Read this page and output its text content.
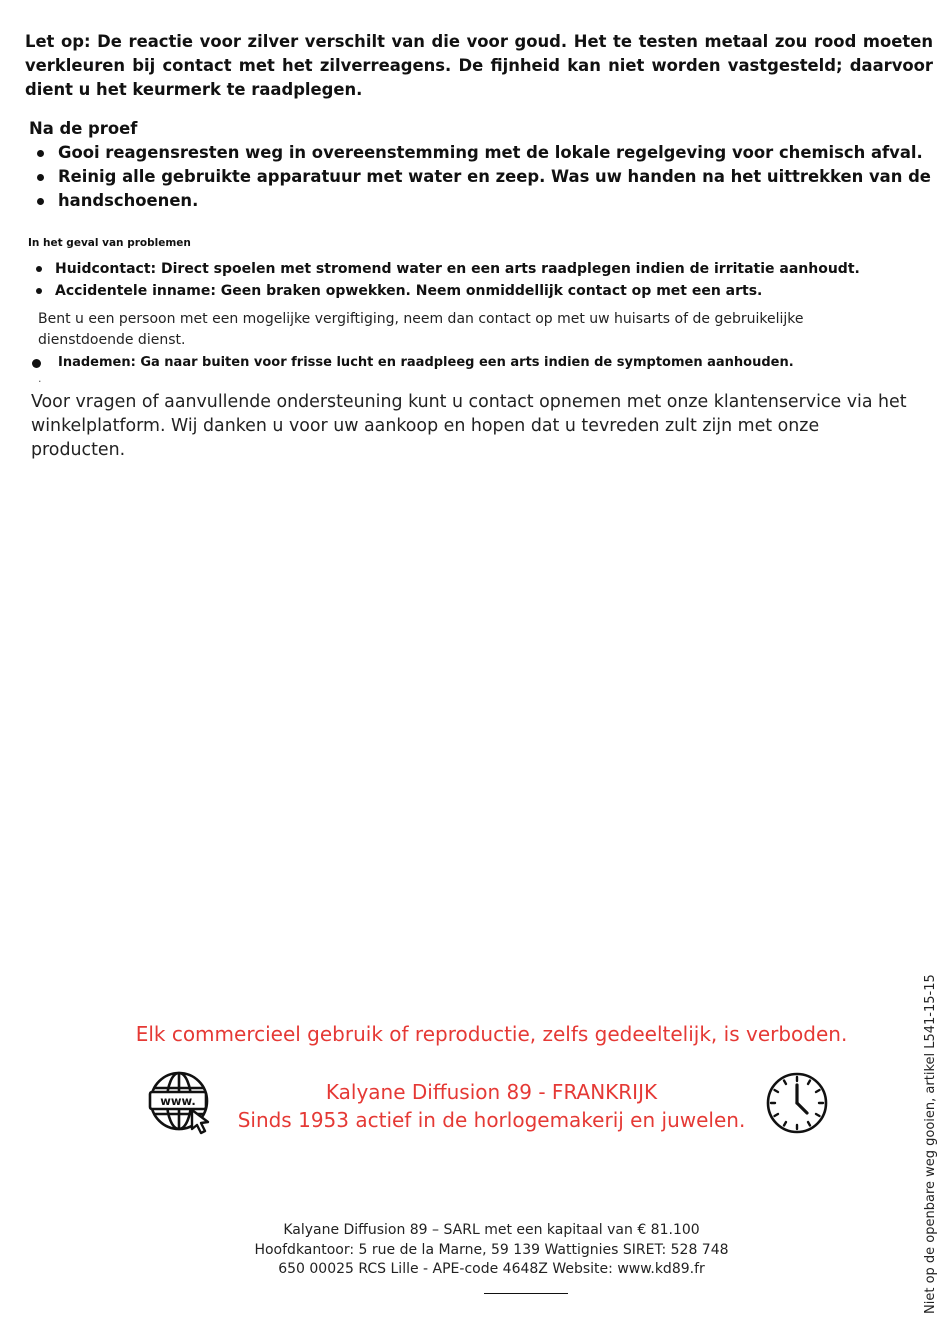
Let op: De reactie voor zilver verschilt van die voor goud. Het te testen metaal zou rood moeten verkleuren bij contact met het zilverreagens. De fijnheid kan niet worden vastgesteld; daarvoor dient u het keurmerk te raadplegen.

Na de proef
Gooi reagensresten weg in overeenstemming met de lokale regelgeving voor chemisch afval.
Reinig alle gebruikte apparatuur met water en zeep. Was uw handen na het uittrekken van de
handschoenen.
In het geval van problemen
Huidcontact: Direct spoelen met stromend water en een arts raadplegen indien de irritatie aanhoudt.
Accidentele inname: Geen braken opwekken. Neem onmiddellijk contact op met een arts.

Bent u een persoon met een mogelijke vergiftiging, neem dan contact op met uw huisarts of de gebruikelijke dienstdoende dienst.

Inademen: Ga naar buiten voor frisse lucht en raadpleeg een arts indien de symptomen aanhouden.
.

Voor vragen of aanvullende ondersteuning kunt u contact opnemen met onze klantenservice via het winkelplatform. Wij danken u voor uw aankoop en hopen dat u tevreden zult zijn met onze producten.

Elk commercieel gebruik of reproductie, zelfs gedeeltelijk, is verboden.
Kalyane Diffusion 89 - FRANKRIJK
Sinds 1953 actief in de horlogemakerij en juwelen.
www.
Kalyane Diffusion 89 – SARL met een kapitaal van € 81.100
Hoofdkantoor: 5 rue de la Marne, 59 139 Wattignies SIRET: 528 748
650 00025 RCS Lille - APE-code 4648Z Website: www.kd89.fr	Niet op de openbare weg gooien, artikel L541-15-15
